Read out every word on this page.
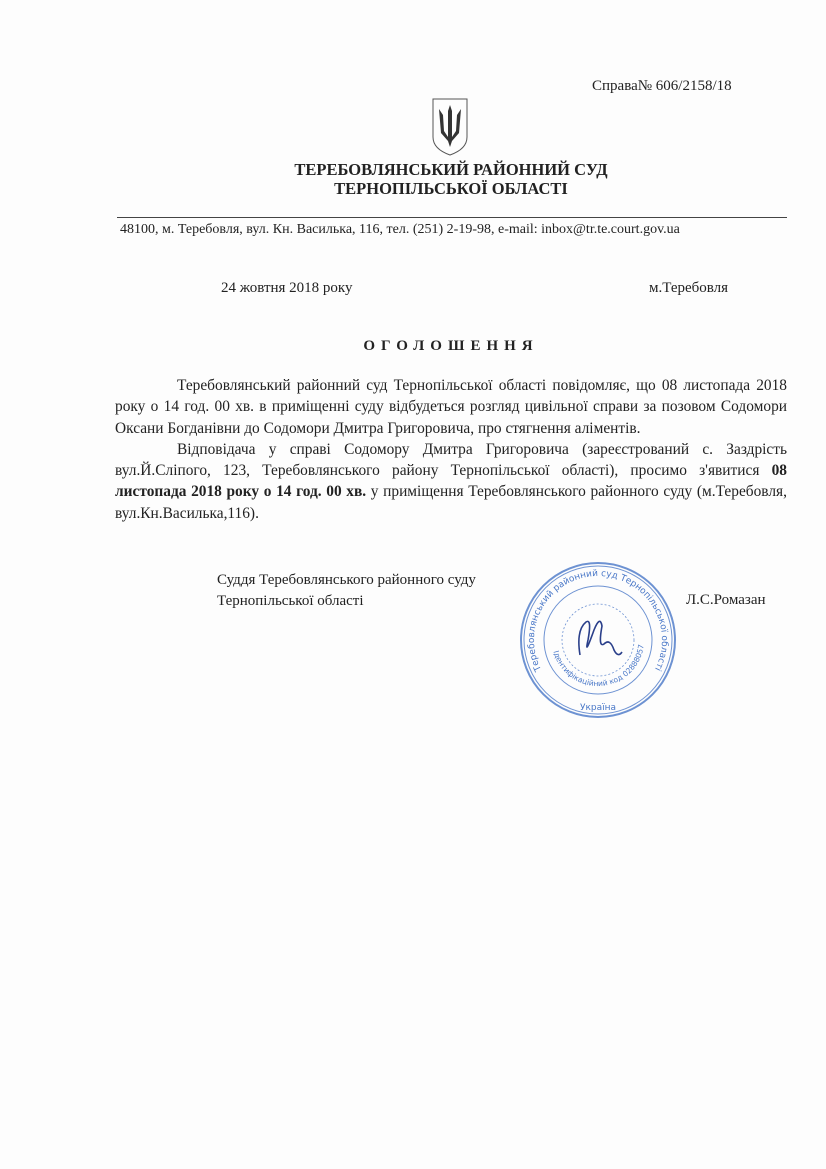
Справа№ 606/2158/18
ТЕРЕБОВЛЯНСЬКИЙ РАЙОННИЙ СУД
ТЕРНОПІЛЬСЬКОЇ ОБЛАСТІ
48100, м. Теребовля, вул. Кн. Василька, 116, тел. (251) 2-19-98, e-mail: inbox@tr.te.court.gov.ua
24 жовтня 2018 року	м.Теребовля
ОГОЛОШЕННЯ

Теребовлянський районний суд Тернопільської області повідомляє, що 08 листопада 2018 року о 14 год. 00 хв. в приміщенні суду відбудеться розгляд цивільної справи за позовом Содомори Оксани Богданівни до Содомори Дмитра Григоровича, про стягнення аліментів.

Відповідача у справі Содомору Дмитра Григоровича (зареєстрований с. Заздрість вул.Й.Сліпого, 123, Теребовлянського району Тернопільської області), просимо з'явитися 08 листопада 2018 року о 14 год. 00 хв. у приміщення Теребовлянського районного суду (м.Теребовля, вул.Кн.Василька,116).

Суддя Теребовлянського районного суду
Тернопільської області	Л.С.Ромазан
Теребовлянський районний суд Тернопільської області
Ідентифікаційний код 02888057
Україна
